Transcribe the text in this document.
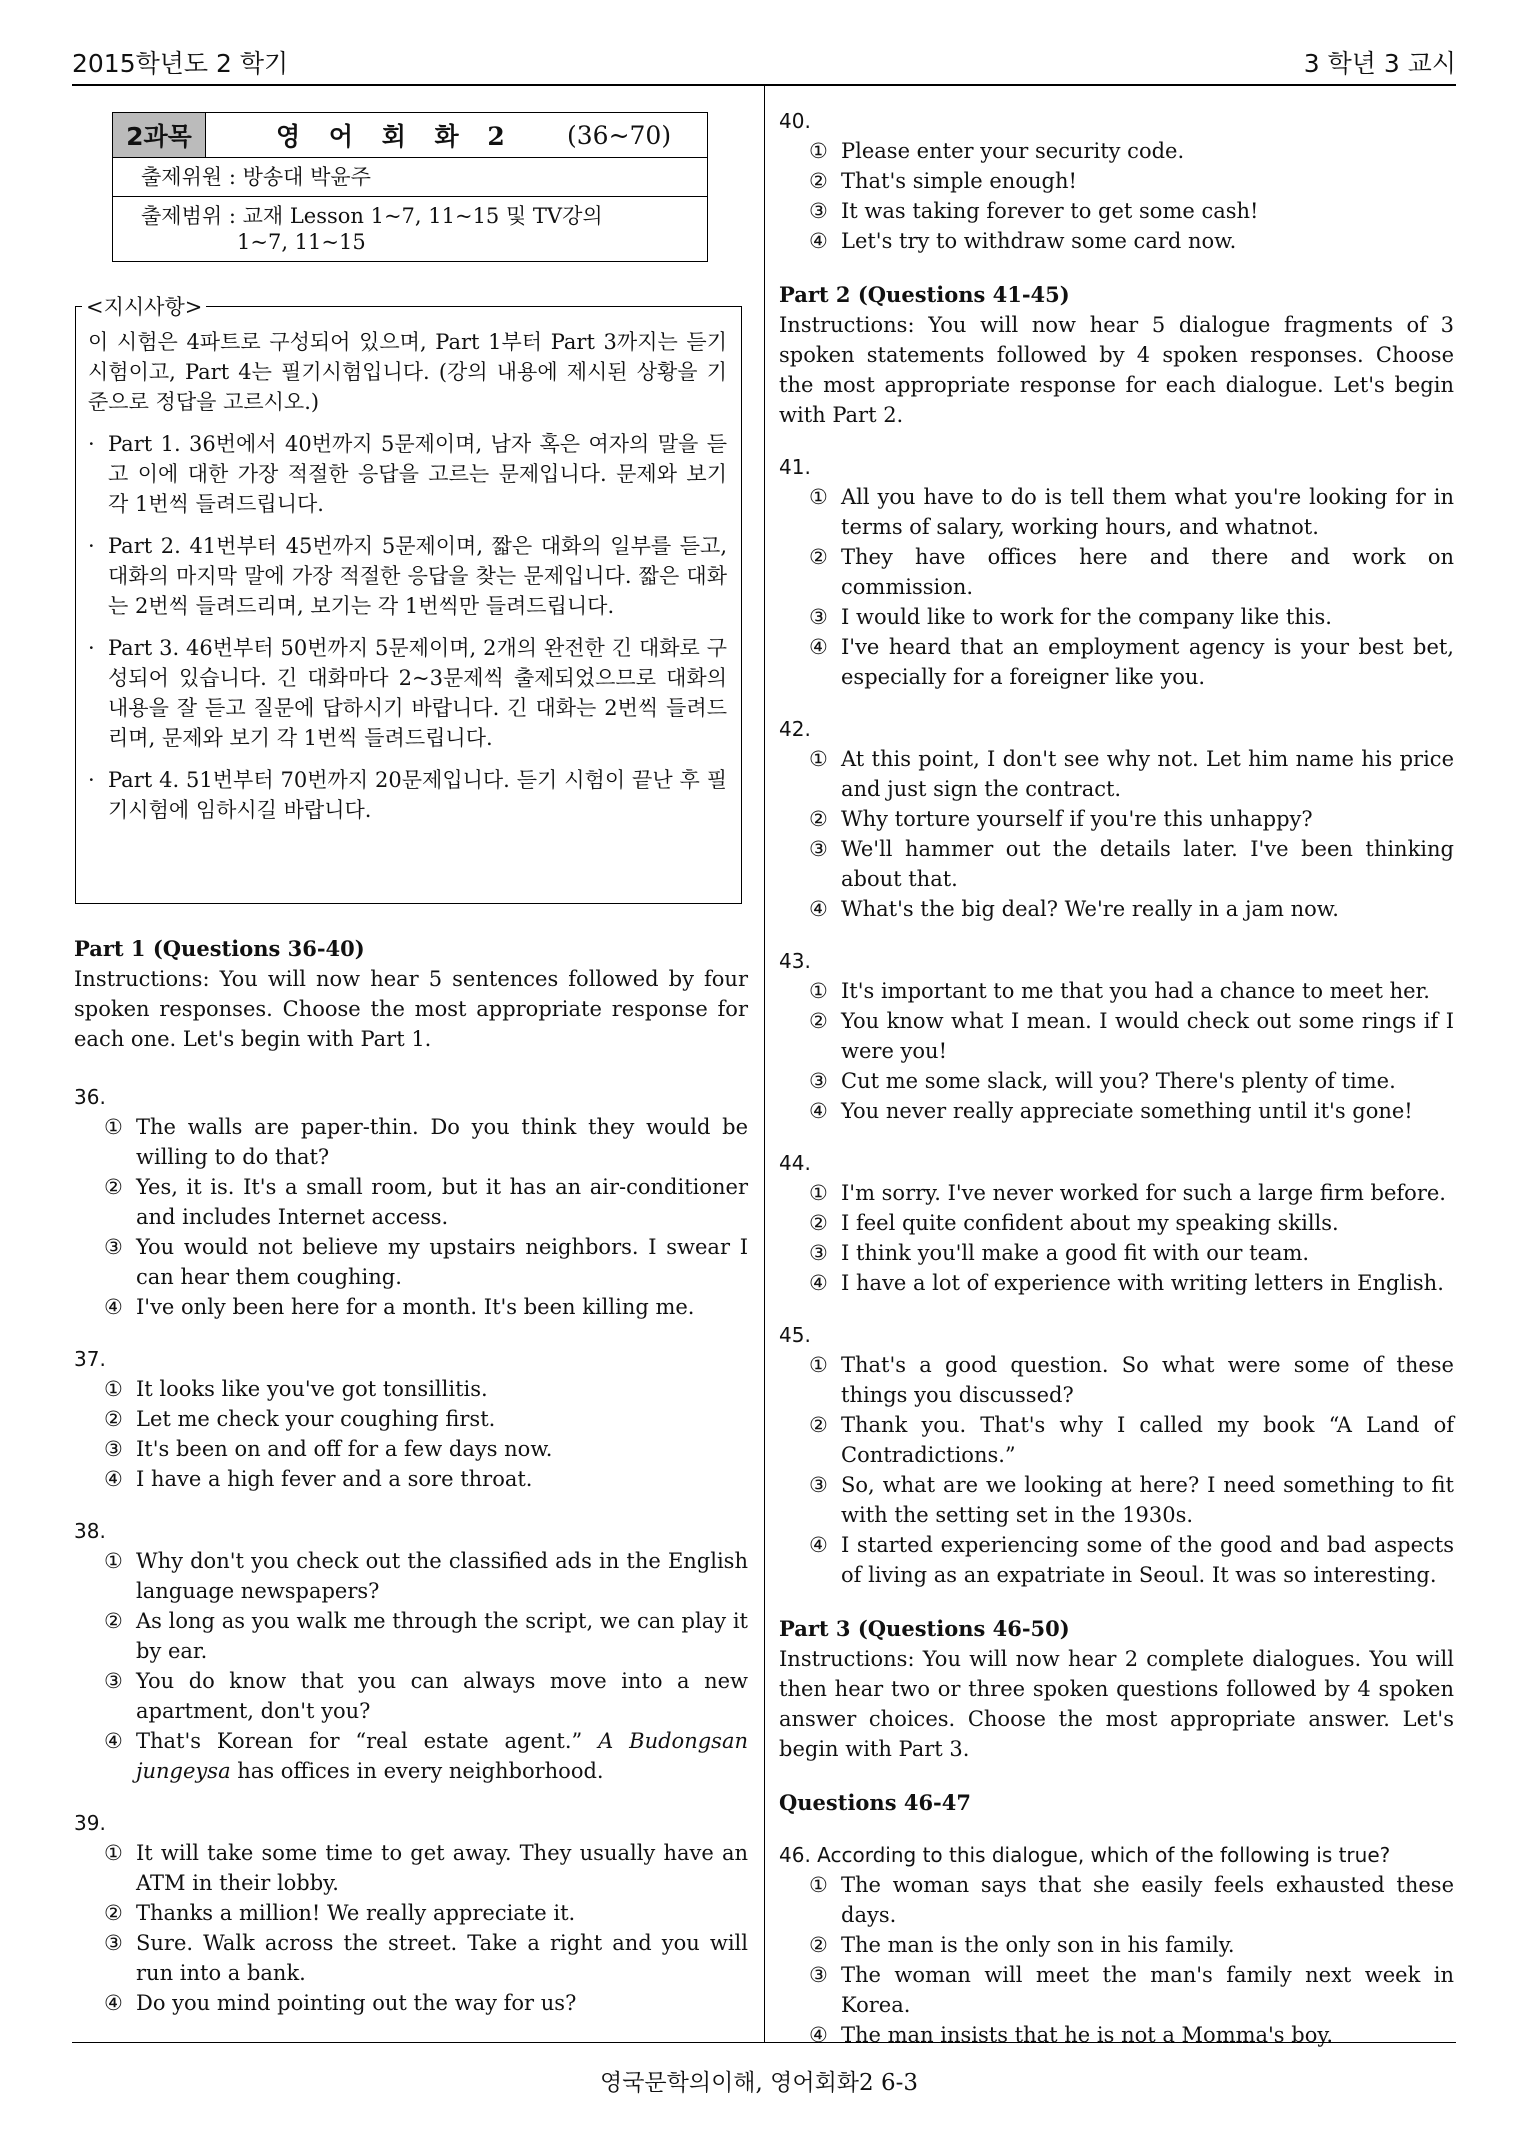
2015학년도 2 학기	3 학년 3 교시
2과목	영 어 회 화 2	(36~70)
출제위원 : 방송대 박윤주
출제범위 : 교재 Lesson 1~7, 11~15 및 TV강의
1~7, 11~15
<지시사항>

이 시험은 4파트로 구성되어 있으며, Part 1부터 Part 3까지는 듣기시험이고, Part 4는 필기시험입니다. (강의 내용에 제시된 상황을 기준으로 정답을 고르시오.)

· Part 1. 36번에서 40번까지 5문제이며, 남자 혹은 여자의 말을 듣고 이에 대한 가장 적절한 응답을 고르는 문제입니다. 문제와 보기 각 1번씩 들려드립니다.
· Part 2. 41번부터 45번까지 5문제이며, 짧은 대화의 일부를 듣고, 대화의 마지막 말에 가장 적절한 응답을 찾는 문제입니다. 짧은 대화는 2번씩 들려드리며, 보기는 각 1번씩만 들려드립니다.
· Part 3. 46번부터 50번까지 5문제이며, 2개의 완전한 긴 대화로 구성되어 있습니다. 긴 대화마다 2~3문제씩 출제되었으므로 대화의 내용을 잘 듣고 질문에 답하시기 바랍니다. 긴 대화는 2번씩 들려드리며, 문제와 보기 각 1번씩 들려드립니다.
· Part 4. 51번부터 70번까지 20문제입니다. 듣기 시험이 끝난 후 필기시험에 임하시길 바랍니다.
Part 1 (Questions 36-40)

Instructions: You will now hear 5 sentences followed by four spoken responses. Choose the most appropriate response for each one. Let's begin with Part 1.

36.
① The walls are paper-thin. Do you think they would be willing to do that?
② Yes, it is. It's a small room, but it has an air-conditioner and includes Internet access.
③ You would not believe my upstairs neighbors. I swear I can hear them coughing.
④ I've only been here for a month. It's been killing me.
37.
① It looks like you've got tonsillitis.
② Let me check your coughing first.
③ It's been on and off for a few days now.
④ I have a high fever and a sore throat.
38.
① Why don't you check out the classified ads in the English language newspapers?
② As long as you walk me through the script, we can play it by ear.
③ You do know that you can always move into a new apartment, don't you?
④ That's Korean for “real estate agent.” A Budongsan jungeysa has offices in every neighborhood.
39.
① It will take some time to get away. They usually have an ATM in their lobby.
② Thanks a million! We really appreciate it.
③ Sure. Walk across the street. Take a right and you will run into a bank.
④ Do you mind pointing out the way for us?
40.
① Please enter your security code.
② That's simple enough!
③ It was taking forever to get some cash!
④ Let's try to withdraw some card now.
Part 2 (Questions 41-45)

Instructions: You will now hear 5 dialogue fragments of 3 spoken statements followed by 4 spoken responses. Choose the most appropriate response for each dialogue. Let's begin with Part 2.

41.
① All you have to do is tell them what you're looking for in terms of salary, working hours, and whatnot.
② They have offices here and there and work on commission.
③ I would like to work for the company like this.
④ I've heard that an employment agency is your best bet, especially for a foreigner like you.
42.
① At this point, I don't see why not. Let him name his price and just sign the contract.
② Why torture yourself if you're this unhappy?
③ We'll hammer out the details later. I've been thinking about that.
④ What's the big deal? We're really in a jam now.
43.
① It's important to me that you had a chance to meet her.
② You know what I mean. I would check out some rings if I were you!
③ Cut me some slack, will you? There's plenty of time.
④ You never really appreciate something until it's gone!
44.
① I'm sorry. I've never worked for such a large firm before.
② I feel quite confident about my speaking skills.
③ I think you'll make a good fit with our team.
④ I have a lot of experience with writing letters in English.
45.
① That's a good question. So what were some of these things you discussed?
② Thank you. That's why I called my book “A Land of Contradictions.”
③ So, what are we looking at here? I need something to fit with the setting set in the 1930s.
④ I started experiencing some of the good and bad aspects of living as an expatriate in Seoul. It was so interesting.
Part 3 (Questions 46-50)

Instructions: You will now hear 2 complete dialogues. You will then hear two or three spoken questions followed by 4 spoken answer choices. Choose the most appropriate answer. Let's begin with Part 3.

Questions 46-47
46. According to this dialogue, which of the following is true?
① The woman says that she easily feels exhausted these days.
② The man is the only son in his family.
③ The woman will meet the man's family next week in Korea.
④ The man insists that he is not a Momma's boy.
영국문학의이해, 영어회화2 6-3
